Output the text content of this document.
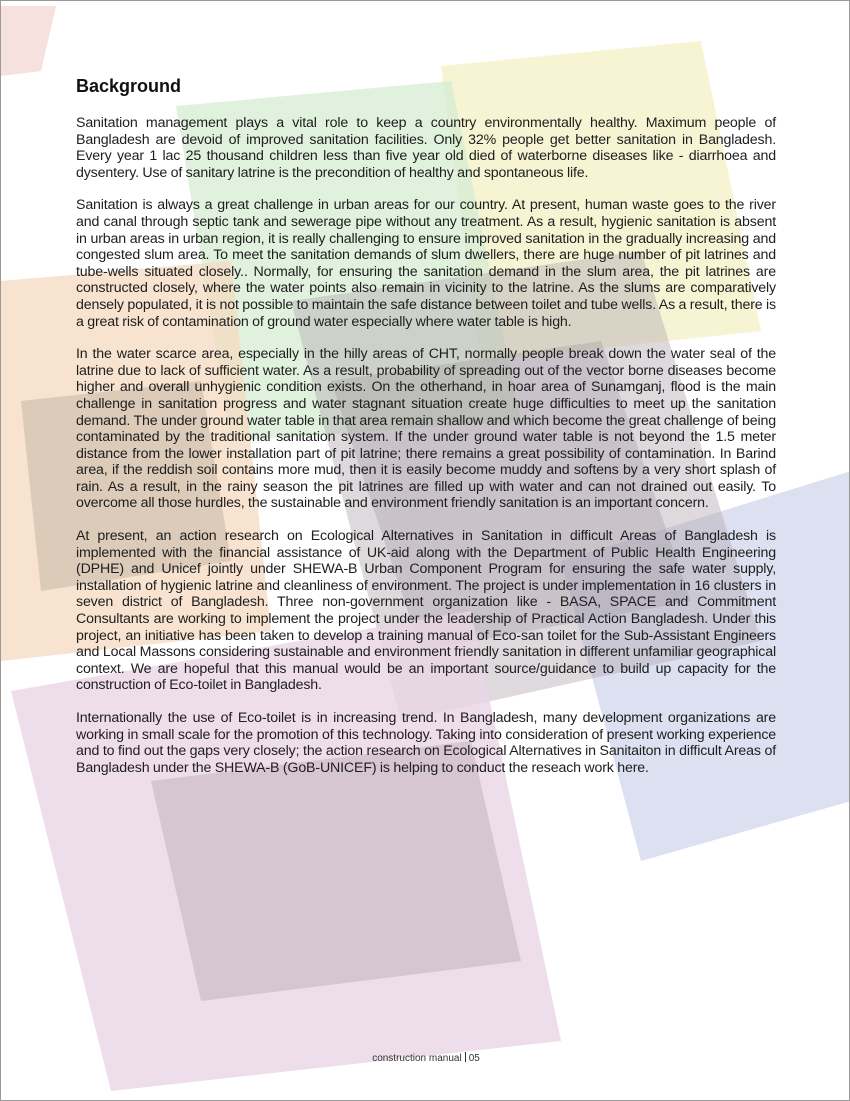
Background

Sanitation management plays a vital role to keep a country environmentally healthy. Maximum people of Bangladesh are devoid of improved sanitation facilities. Only 32% people get better sanitation in Bangladesh. Every year 1 lac 25 thousand children less than five year old died of waterborne diseases like - diarrhoea and dysentery. Use of sanitary latrine is the precondition of healthy and spontaneous life.

Sanitation is always a great challenge in urban areas for our country. At present, human waste goes to the river and canal through septic tank and sewerage pipe without any treatment. As a result, hygienic sanitation is absent in urban areas in urban region, it is really challenging to ensure improved sanitation in the gradually increasing and congested slum area. To meet the sanitation demands of slum dwellers, there are huge number of pit latrines and tube-wells situated closely.. Normally, for ensuring the sanitation demand in the slum area, the pit latrines are constructed closely, where the water points also remain in vicinity to the latrine. As the slums are comparatively densely populated, it is not possible to maintain the safe distance between toilet and tube wells. As a result, there is a great risk of contamination of ground water especially where water table is high.

In the water scarce area, especially in the hilly areas of CHT, normally people break down the water seal of the latrine due to lack of sufficient water. As a result, probability of spreading out of the vector borne diseases become higher and overall unhygienic condition exists. On the otherhand, in hoar area of Sunamganj, flood is the main challenge in sanitation progress and water stagnant situation create huge difficulties to meet up the sanitation demand. The under ground water table in that area remain shallow and which become the great challenge of being contaminated by the traditional sanitation system. If the under ground water table is not beyond the 1.5 meter distance from the lower installation part of pit latrine; there remains a great possibility of contamination. In Barind area, if the reddish soil contains more mud, then it is easily become muddy and softens by a very short splash of rain. As a result, in the rainy season the pit latrines are filled up with water and can not drained out easily. To overcome all those hurdles, the sustainable and environment friendly sanitation is an important concern.

At present, an action research on Ecological Alternatives in Sanitation in difficult Areas of Bangladesh is implemented with the financial assistance of UK-aid along with the Department of Public Health Engineering (DPHE) and Unicef jointly under SHEWA-B Urban Component Program for ensuring the safe water supply, installation of hygienic latrine and cleanliness of environment. The project is under implementation in 16 clusters in seven district of Bangladesh. Three non-government organization like - BASA, SPACE and Commitment Consultants are working to implement the project under the leadership of Practical Action Bangladesh. Under this project, an initiative has been taken to develop a training manual of Eco-san toilet for the Sub-Assistant Engineers and Local Massons considering sustainable and environment friendly sanitation in different unfamiliar geographical context. We are hopeful that this manual would be an important source/guidance to build up capacity for the construction of Eco-toilet in Bangladesh.

Internationally the use of Eco-toilet is in increasing trend. In Bangladesh, many development organizations are working in small scale for the promotion of this technology. Taking into consideration of present working experience and to find out the gaps very closely; the action research on Ecological Alternatives in Sanitaiton in difficult Areas of Bangladesh under the SHEWA-B (GoB-UNICEF) is helping to conduct the reseach work here.

construction manual 05
